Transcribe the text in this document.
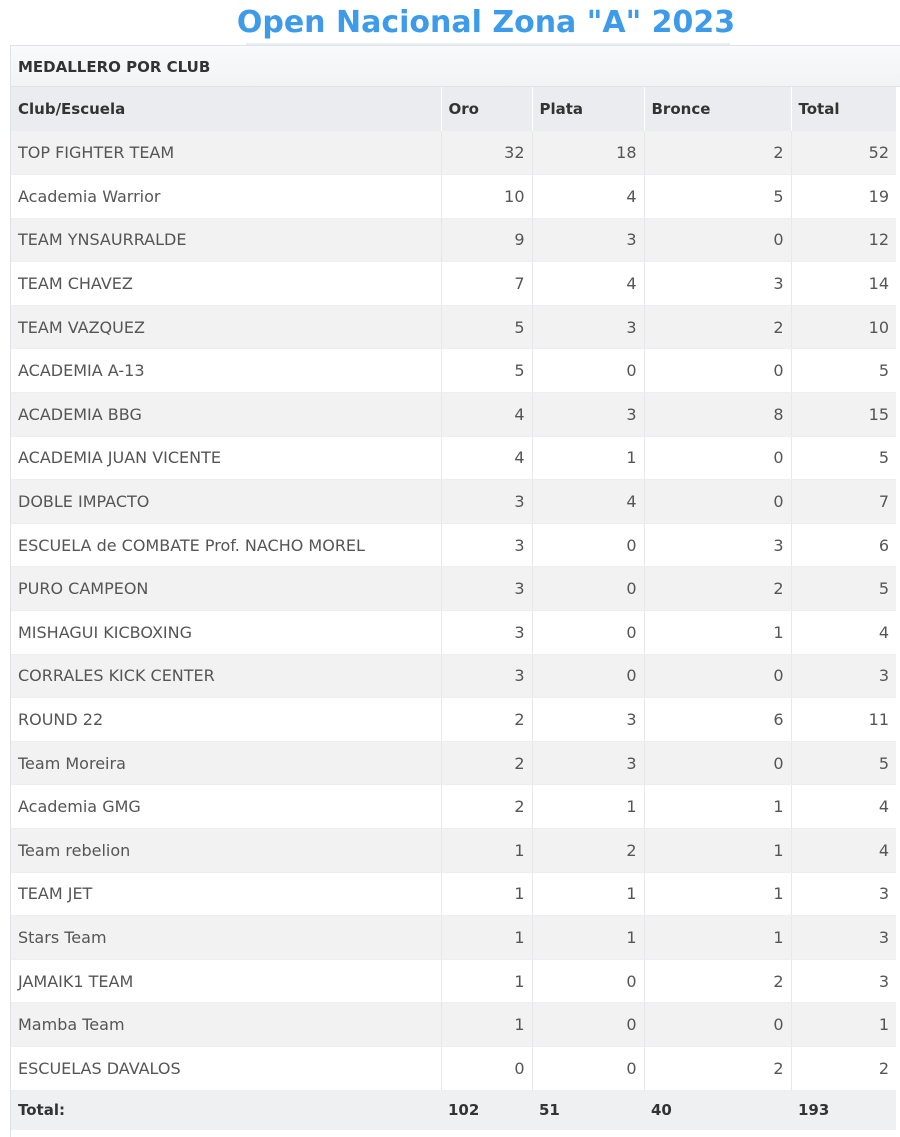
Open Nacional Zona "A" 2023
MEDALLERO POR CLUB
Club/Escuela	Oro	Plata	Bronce	Total
TOP FIGHTER TEAM	32	18	2	52
Academia Warrior	10	4	5	19
TEAM YNSAURRALDE	9	3	0	12
TEAM CHAVEZ	7	4	3	14
TEAM VAZQUEZ	5	3	2	10
ACADEMIA A-13	5	0	0	5
ACADEMIA BBG	4	3	8	15
ACADEMIA JUAN VICENTE	4	1	0	5
DOBLE IMPACTO	3	4	0	7
ESCUELA de COMBATE Prof. NACHO MOREL	3	0	3	6
PURO CAMPEON	3	0	2	5
MISHAGUI KICBOXING	3	0	1	4
CORRALES KICK CENTER	3	0	0	3
ROUND 22	2	3	6	11
Team Moreira	2	3	0	5
Academia GMG	2	1	1	4
Team rebelion	1	2	1	4
TEAM JET	1	1	1	3
Stars Team	1	1	1	3
JAMAIK1 TEAM	1	0	2	3
Mamba Team	1	0	0	1
ESCUELAS DAVALOS	0	0	2	2
Total:	102	51	40	193
